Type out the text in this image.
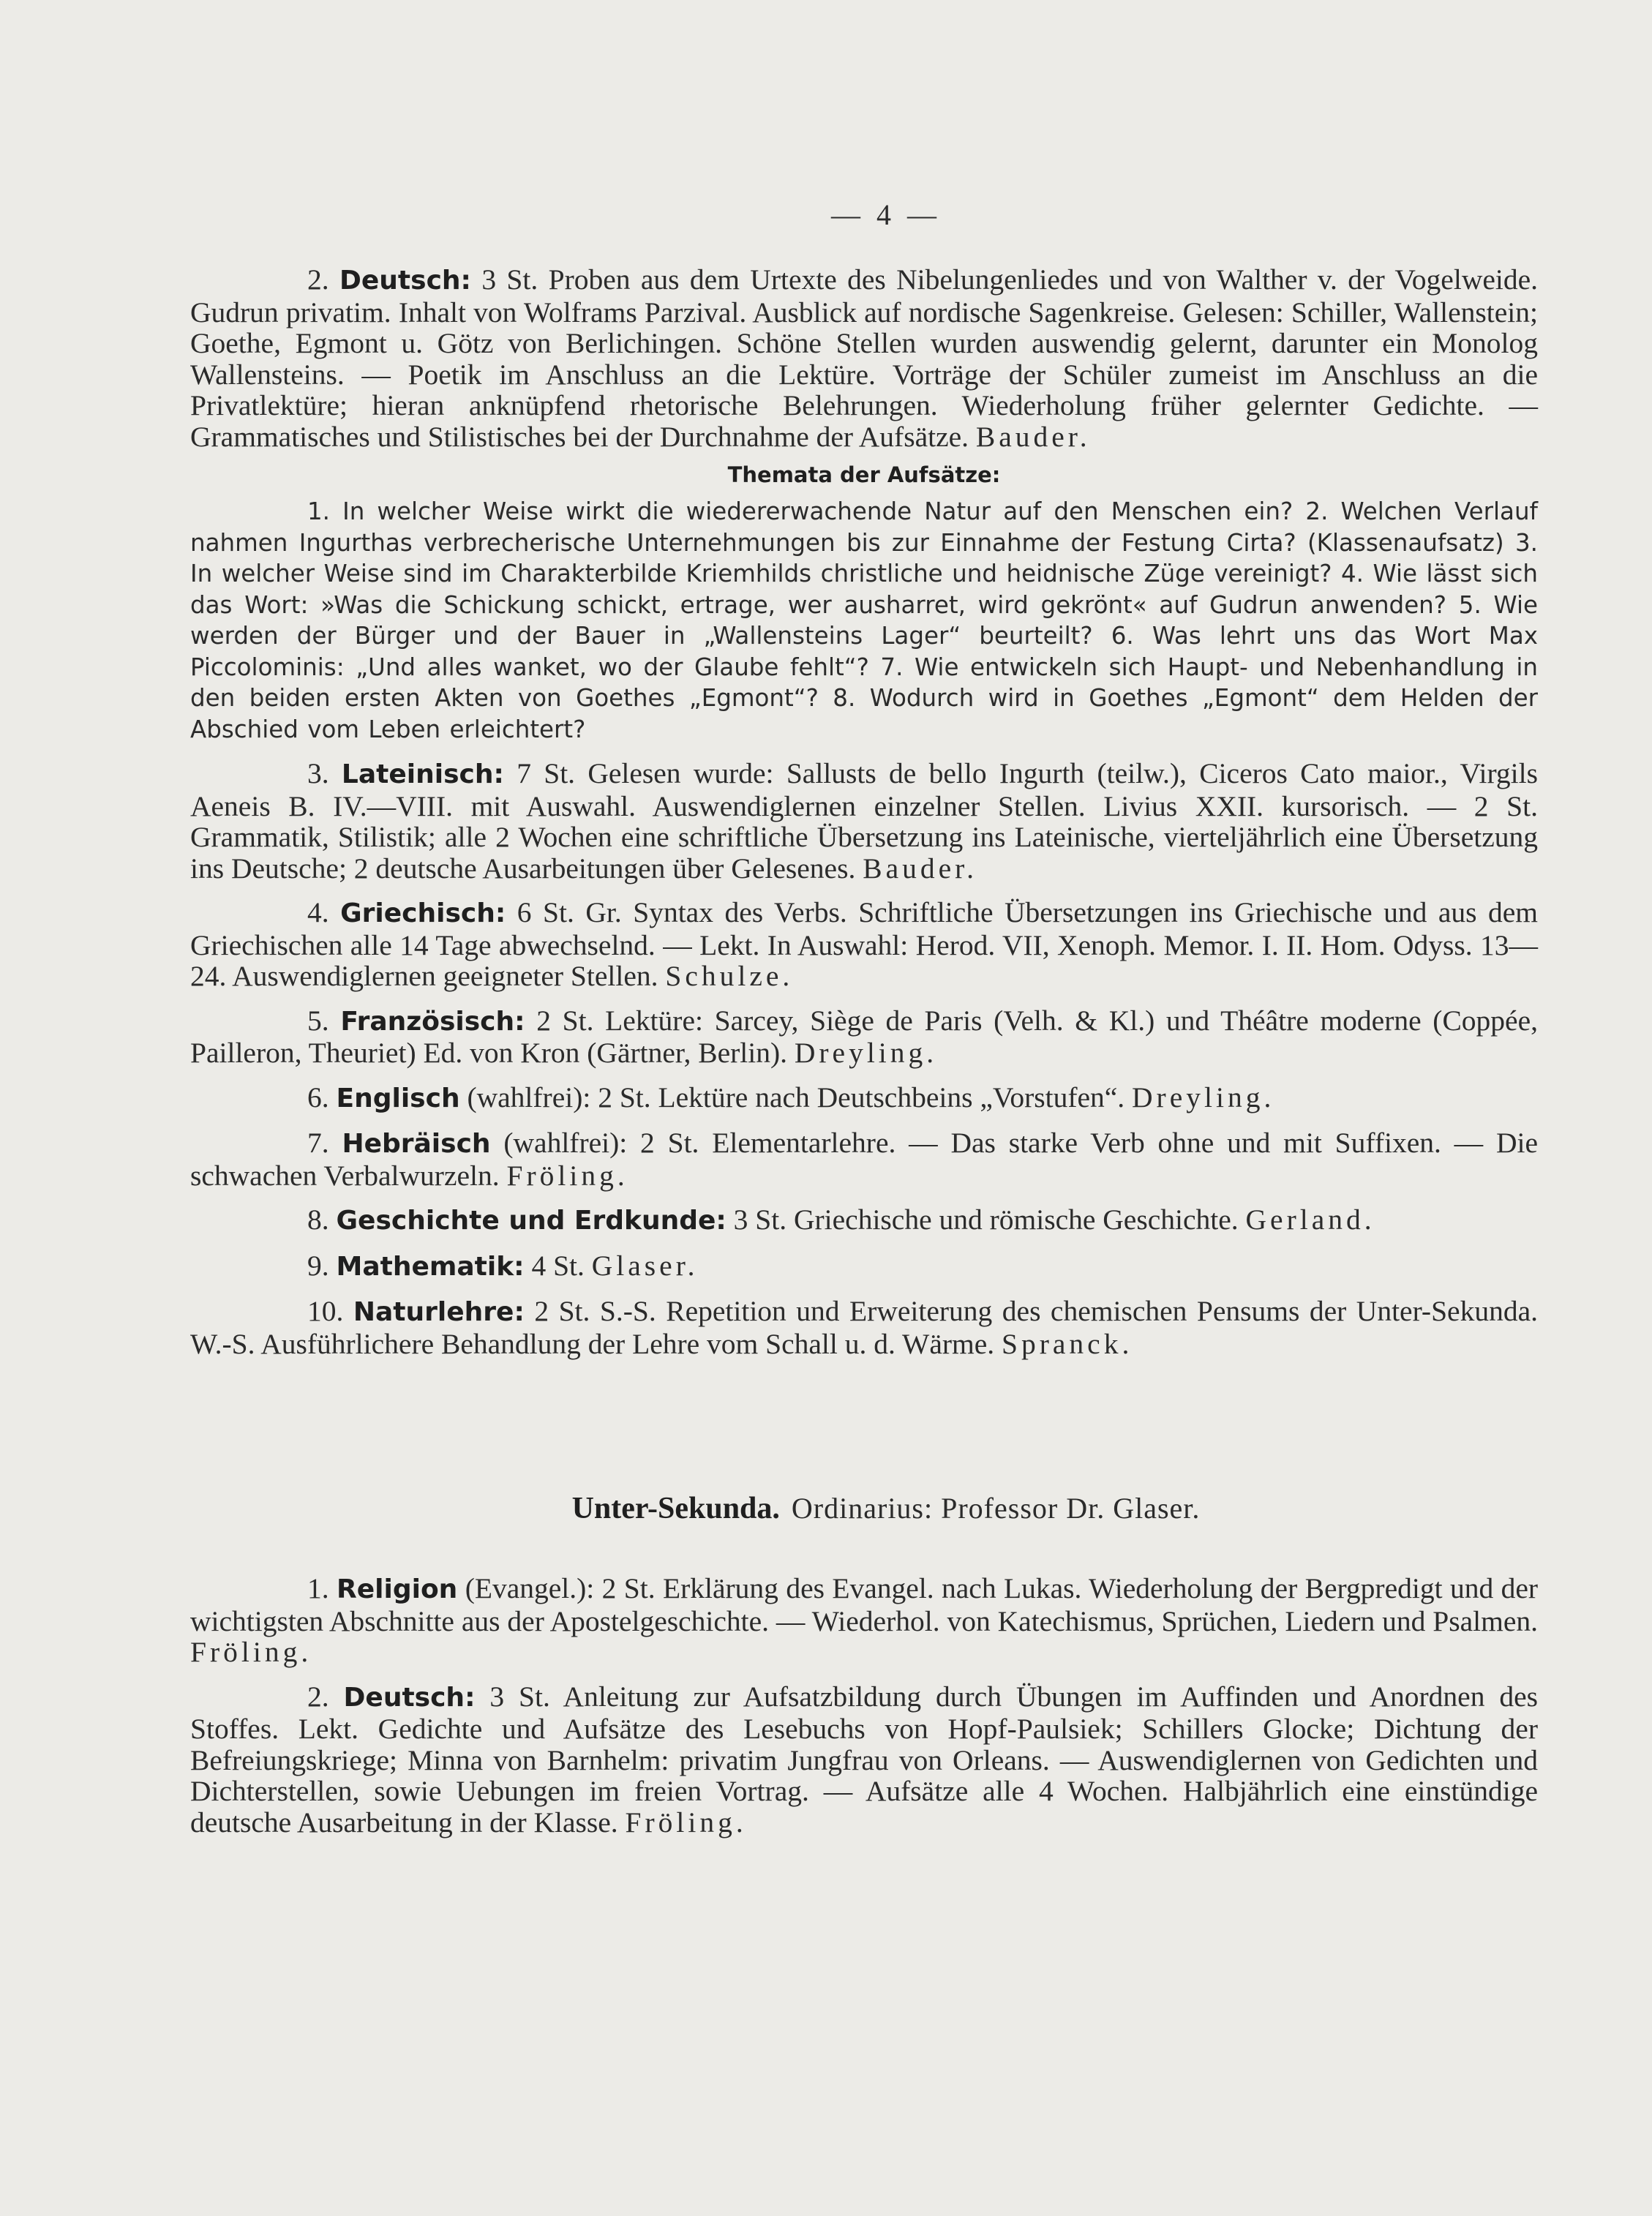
— 4 —

2. Deutsch: 3 St. Proben aus dem Urtexte des Nibelungenliedes und von Walther v. der Vogelweide. Gudrun privatim. Inhalt von Wolframs Parzival. Ausblick auf nordische Sagenkreise. Gelesen: Schiller, Wallenstein; Goethe, Egmont u. Götz von Berlichingen. Schöne Stellen wurden auswendig gelernt, darunter ein Monolog Wallensteins. — Poetik im Anschluss an die Lektüre. Vorträge der Schüler zumeist im Anschluss an die Privatlektüre; hieran anknüpfend rhetorische Belehrungen. Wiederholung früher gelernter Gedichte. — Grammatisches und Stilistisches bei der Durchnahme der Aufsätze. Bauder.

Themata der Aufsätze:
1. In welcher Weise wirkt die wiedererwachende Natur auf den Menschen ein? 2. Welchen Verlauf nahmen Ingurthas verbrecherische Unternehmungen bis zur Einnahme der Festung Cirta? (Klassenaufsatz) 3. In welcher Weise sind im Charakterbilde Kriemhilds christliche und heidnische Züge vereinigt? 4. Wie lässt sich das Wort: »Was die Schickung schickt, ertrage, wer ausharret, wird gekrönt« auf Gudrun anwenden? 5. Wie werden der Bürger und der Bauer in „Wallensteins Lager“ beurteilt? 6. Was lehrt uns das Wort Max Piccolominis: „Und alles wanket, wo der Glaube fehlt“? 7. Wie entwickeln sich Haupt- und Nebenhandlung in den beiden ersten Akten von Goethes „Egmont“? 8. Wodurch wird in Goethes „Egmont“ dem Helden der Abschied vom Leben erleichtert?

3. Lateinisch: 7 St. Gelesen wurde: Sallusts de bello Ingurth (teilw.), Ciceros Cato maior., Virgils Aeneis B. IV.—VIII. mit Auswahl. Auswendiglernen einzelner Stellen. Livius XXII. kursorisch. — 2 St. Grammatik, Stilistik; alle 2 Wochen eine schriftliche Übersetzung ins Lateinische, vierteljährlich eine Übersetzung ins Deutsche; 2 deutsche Ausarbeitungen über Gelesenes. Bauder.

4. Griechisch: 6 St. Gr. Syntax des Verbs. Schriftliche Übersetzungen ins Griechische und aus dem Griechischen alle 14 Tage abwechselnd. — Lekt. In Auswahl: Herod. VII, Xenoph. Memor. I. II. Hom. Odyss. 13—24. Auswendiglernen geeigneter Stellen. Schulze.

5. Französisch: 2 St. Lektüre: Sarcey, Siège de Paris (Velh. & Kl.) und Théâtre moderne (Coppée, Pailleron, Theuriet) Ed. von Kron (Gärtner, Berlin). Dreyling.

6. Englisch (wahlfrei): 2 St. Lektüre nach Deutschbeins „Vorstufen“. Dreyling.

7. Hebräisch (wahlfrei): 2 St. Elementarlehre. — Das starke Verb ohne und mit Suffixen. — Die schwachen Verbalwurzeln. Fröling.

8. Geschichte und Erdkunde: 3 St. Griechische und römische Geschichte. Gerland.

9. Mathematik: 4 St. Glaser.

10. Naturlehre: 2 St. S.-S. Repetition und Erweiterung des chemischen Pensums der Unter-Sekunda. W.-S. Ausführlichere Behandlung der Lehre vom Schall u. d. Wärme. Spranck.

Unter-Sekunda. Ordinarius: Professor Dr. Glaser.

1. Religion (Evangel.): 2 St. Erklärung des Evangel. nach Lukas. Wiederholung der Bergpredigt und der wichtigsten Abschnitte aus der Apostelgeschichte. — Wiederhol. von Katechismus, Sprüchen, Liedern und Psalmen. Fröling.

2. Deutsch: 3 St. Anleitung zur Aufsatzbildung durch Übungen im Auffinden und Anordnen des Stoffes. Lekt. Gedichte und Aufsätze des Lesebuchs von Hopf-Paulsiek; Schillers Glocke; Dichtung der Befreiungskriege; Minna von Barnhelm: privatim Jungfrau von Orleans. — Auswendiglernen von Gedichten und Dichterstellen, sowie Uebungen im freien Vortrag. — Aufsätze alle 4 Wochen. Halbjährlich eine einstündige deutsche Ausarbeitung in der Klasse. Fröling.
